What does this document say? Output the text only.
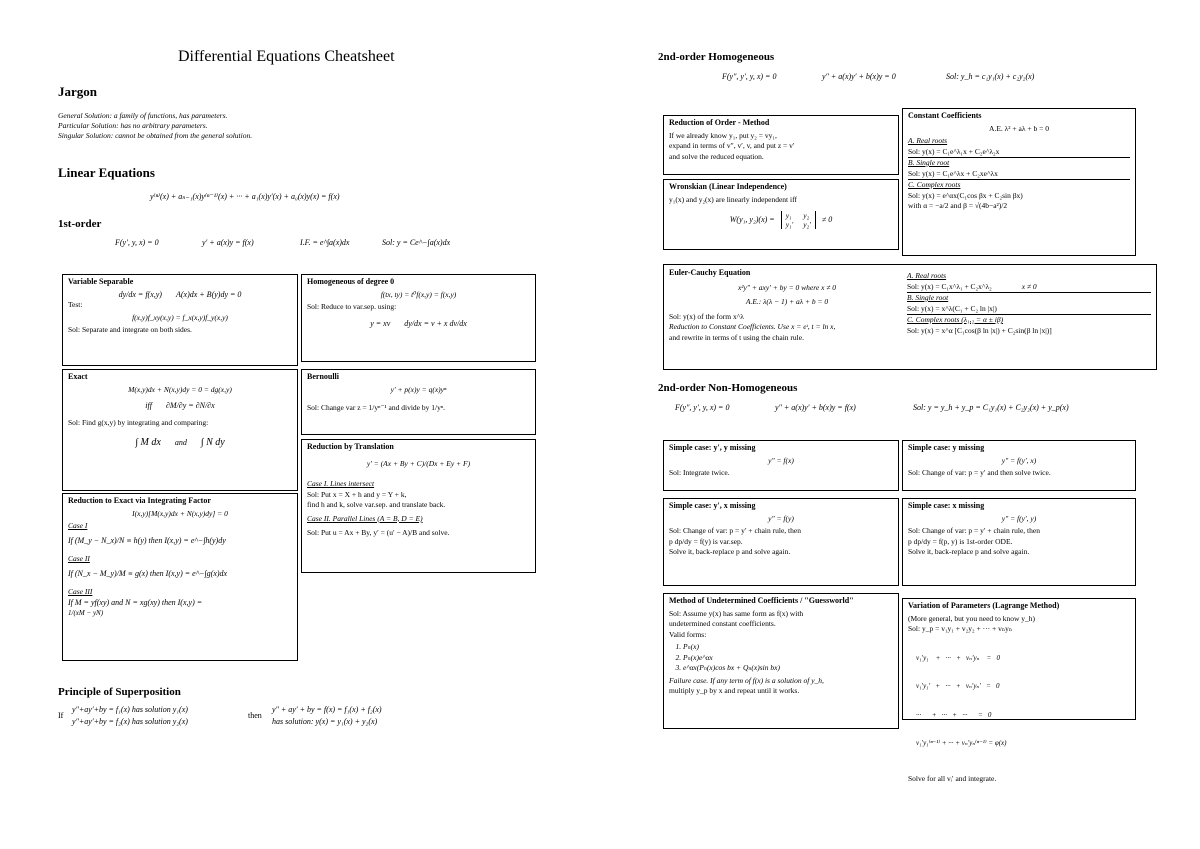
Differential Equations Cheatsheet
Jargon
General Solution: a family of functions, has parameters.
Particular Solution: has no arbitrary parameters.
Singular Solution: cannot be obtained from the general solution.
Linear Equations
y⁽ⁿ⁾(x) + aₙ₋₁(x)y⁽ⁿ⁻¹⁾(x) + ··· + a₁(x)y′(x) + a₀(x)y(x) = f(x)
1st-order
F(y′, y, x) = 0	y′ + a(x)y = f(x)	I.F. = e^∫a(x)dx	Sol: y = Ce^−∫a(x)dx
Variable Separable
dy/dx = f(x,y) A(x)dx + B(y)dy = 0

Test:

f(x,y)f_xy(x,y) = f_x(x,y)f_y(x,y)

Sol: Separate and integrate on both sides.

Homogeneous of degree 0
f(tx, ty) = t⁰f(x,y) = f(x,y)

Sol: Reduce to var.sep. using:

y = xv dy/dx = v + x dv/dx
Exact
M(x,y)dx + N(x,y)dy = 0 = dg(x,y)
iff ∂M/∂y = ∂N/∂x

Sol: Find g(x,y) by integrating and comparing:

∫ M dx and ∫ N dy
Bernoulli
y′ + p(x)y = q(x)yⁿ

Sol: Change var z = 1/yⁿ⁻¹ and divide by 1/yⁿ.

Reduction by Translation
y′ = (Ax + By + C)/(Dx + Ey + F)

Case I. Lines intersect

Sol: Put x = X + h and y = Y + k,

find h and k, solve var.sep. and translate back.

Case II. Parallel Lines (A = B, D = E)

Sol: Put u = Ax + By, y′ = (u′ − A)/B and solve.

Reduction to Exact via Integrating Factor
I(x,y)[M(x,y)dx + N(x,y)dy] = 0

Case I

If (M_y − N_x)/N ≡ h(y) then I(x,y) = e^−∫h(y)dy

Case II

If (N_x − M_y)/M ≡ g(x) then I(x,y) = e^−∫g(x)dx

Case III

If M = yf(xy) and N = xg(xy) then I(x,y) =

1/(xM − yN)

Principle of Superposition
If
y″+ay′+by = f₁(x) has solution y₁(x)
y″+ay′+by = f₂(x) has solution y₂(x)
then
y″ + ay′ + by = f(x) = f₁(x) + f₂(x)
has solution: y(x) = y₁(x) + y₂(x)
2nd-order Homogeneous
F(y″, y′, y, x) = 0	y″ + a(x)y′ + b(x)y = 0	Sol: y_h = c₁y₁(x) + c₂y₂(x)
Reduction of Order - Method

If we already know y₁, put y₂ = vy₁,

expand in terms of v″, v′, v, and put z = v′

and solve the reduced equation.

Wronskian (Linear Independence)

y₁(x) and y₂(x) are linearly independent iff

W(y₁, y₂)(x) = y₁ y₂
y₁′ y₂′
≠ 0
Constant Coefficients
A.E. λ² + aλ + b = 0

A. Real roots

Sol: y(x) = C₁e^λ₁x + C₂e^λ₂x

B. Single root

Sol: y(x) = C₁e^λx + C₂xe^λx

C. Complex roots

Sol: y(x) = e^αx(C₁cos βx + C₂sin βx)

with α = −a/2 and β = √(4b−a²)/2

Euler-Cauchy Equation
x²y″ + axy′ + by = 0 where x ≠ 0
A.E.: λ(λ − 1) + aλ + b = 0

Sol: y(x) of the form x^λ

Reduction to Constant Coefficients. Use x = eᵗ, t = ln x,

and rewrite in terms of t using the chain rule.

A. Real roots

Sol: y(x) = C₁x^λ₁ + C₂x^λ₂	x ≠ 0

B. Single root

Sol: y(x) = x^λ(C₁ + C₂ ln |x|)

C. Complex roots (λ₁,₂ = α ± iβ)

Sol: y(x) = x^α [C₁cos(β ln |x|) + C₂sin(β ln |x|)]

2nd-order Non-Homogeneous
F(y″, y′, y, x) = 0	y″ + a(x)y′ + b(x)y = f(x)	Sol: y = y_h + y_p = C₁y₁(x) + C₂y₂(x) + y_p(x)
Simple case: y′, y missing
y″ = f(x)

Sol: Integrate twice.

Simple case: y missing
y″ = f(y′, x)

Sol: Change of var: p = y′ and then solve twice.

Simple case: y′, x missing
y″ = f(y)

Sol: Change of var: p = y′ + chain rule, then

p dp/dy = f(y) is var.sep.

Solve it, back-replace p and solve again.

Simple case: x missing
y″ = f(y′, y)

Sol: Change of var: p = y′ + chain rule, then

p dp/dy = f(p, y) is 1st-order ODE.

Solve it, back-replace p and solve again.

Method of Undetermined Coefficients / "Guessworld"

Sol: Assume y(x) has same form as f(x) with

undetermined constant coefficients.

Valid forms:

1. Pₙ(x)
2. Pₙ(x)e^αx
3. e^αx(Pₙ(x)cos bx + Qₙ(x)sin bx)

Failure case. If any term of f(x) is a solution of y_h,

multiply y_p by x and repeat until it works.

Variation of Parameters (Lagrange Method)

(More general, but you need to know y_h)

Sol: y_p = v₁y₁ + v₂y₂ + ··· + vₙyₙ

v₁′y₁    +   ···   +   vₙ′yₙ    =   0

v₁′y₁′   +   ···   +   vₙ′yₙ′   =   0

···      +   ···   +   ···      =   0

v₁′y₁⁽ⁿ⁻¹⁾ + ··· + vₙ′yₙ⁽ⁿ⁻¹⁾ = φ(x)

Solve for all vᵢ′ and integrate.
